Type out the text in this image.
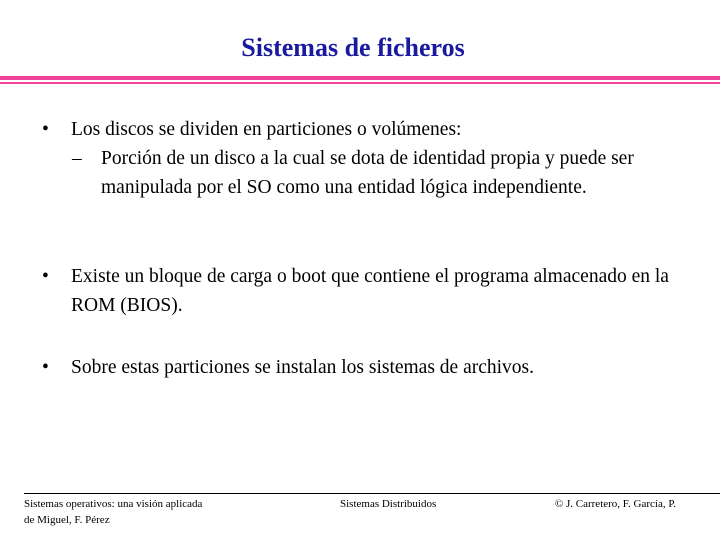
Sistemas de ficheros
• Los discos se dividen en particiones o volúmenes:
– Porción de un disco a la cual se dota de identidad propia y puede ser manipulada por el SO como una entidad lógica independiente.
• Existe un bloque de carga o boot que contiene el programa almacenado en la ROM (BIOS).
• Sobre estas particiones se instalan los sistemas de archivos.
Sistemas operativos: una visión aplicada
de Miguel, F. Pérez
Sistemas Distribuidos	© J. Carretero, F. García, P.
